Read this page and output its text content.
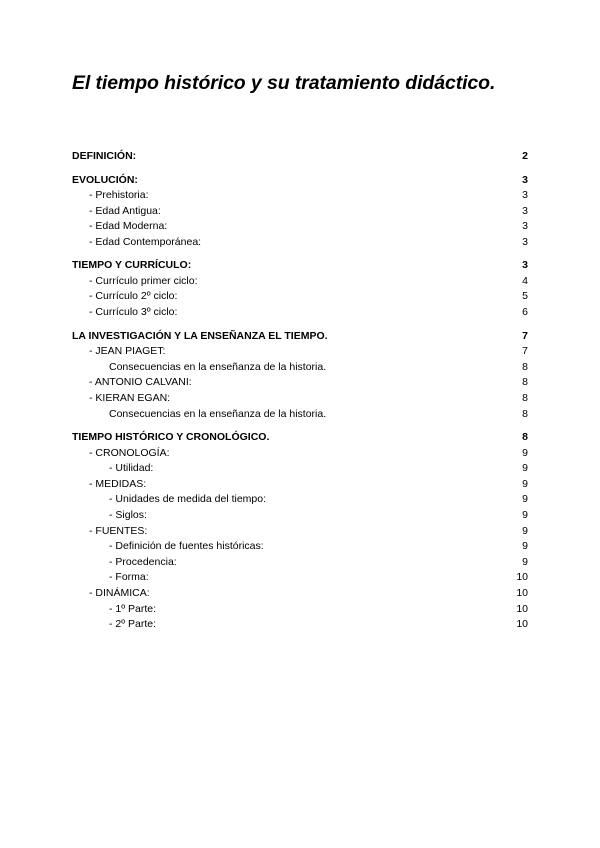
El tiempo histórico y su tratamiento didáctico.
DEFINICIÓN:	2
EVOLUCIÓN:	3
- Prehistoria:	3
- Edad Antigua:	3
- Edad Moderna:	3
- Edad Contemporánea:	3
TIEMPO Y CURRÍCULO:	3
- Currículo primer ciclo:	4
- Currículo 2º ciclo:	5
- Currículo 3º ciclo:	6
LA INVESTIGACIÓN Y LA ENSEÑANZA EL TIEMPO.	7
- JEAN PIAGET:	7
Consecuencias en la enseñanza de la historia.	8
- ANTONIO CALVANI:	8
- KIERAN EGAN:	8
Consecuencias en la enseñanza de la historia.	8
TIEMPO HISTÓRICO Y CRONOLÓGICO.	8
- CRONOLOGÍA:	9
- Utilidad:	9
- MEDIDAS:	9
- Unidades de medida del tiempo:	9
- Siglos:	9
- FUENTES:	9
- Definición de fuentes históricas:	9
- Procedencia:	9
- Forma:	10
- DINÁMICA:	10
- 1º Parte:	10
- 2º Parte:	10
